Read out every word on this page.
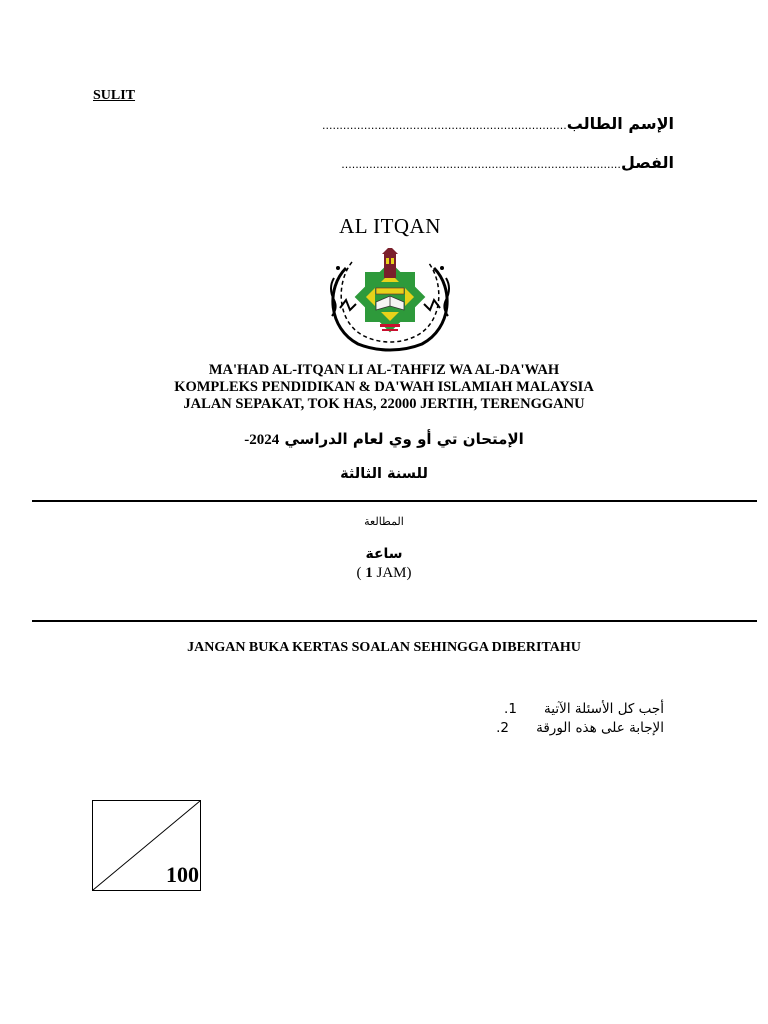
SULIT
...................................................................... الإسم الطالب
................................................................................ الفصل
AL ITQAN
MA'HAD AL-ITQAN LI AL-TAHFIZ WA AL-DA'WAH
KOMPLEKS PENDIDIKAN & DA'WAH ISLAMIAH MALAYSIA
JALAN SEPAKAT, TOK HAS, 22000 JERTIH, TERENGGANU
الإمتحان تي أو وي لعام الدراسي 2024-
للسنة الثالثة
المطالعة
ساعة
( 1 JAM)
JANGAN BUKA KERTAS SOALAN SEHINGGA DIBERITAHU
أجب كل الأسئلة الآتية
.1
الإجابة على هذه الورقة
.2
100
